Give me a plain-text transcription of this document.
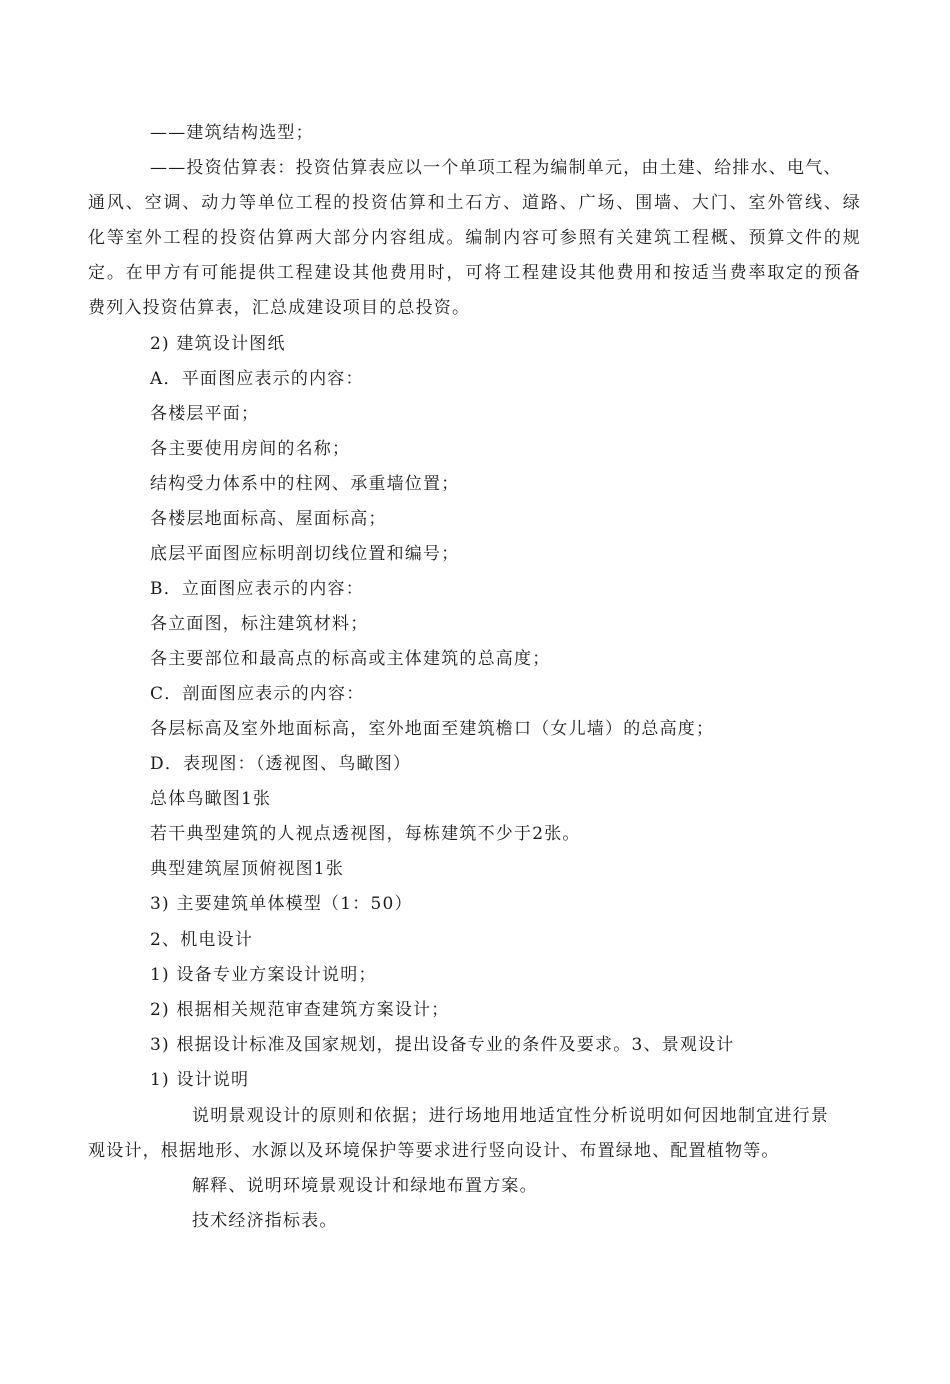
——建筑结构选型；
——投资估算表：投资估算表应以一个单项工程为编制单元，由土建、给排水、电气、
通风、空调、动力等单位工程的投资估算和土石方、道路、广场、围墙、大门、室外管线、绿
化等室外工程的投资估算两大部分内容组成。编制内容可参照有关建筑工程概、预算文件的规
定。在甲方有可能提供工程建设其他费用时，可将工程建设其他费用和按适当费率取定的预备
费列入投资估算表，汇总成建设项目的总投资。
2) 建筑设计图纸
A．平面图应表示的内容：
各楼层平面；
各主要使用房间的名称；
结构受力体系中的柱网、承重墙位置；
各楼层地面标高、屋面标高；
底层平面图应标明剖切线位置和编号；
B．立面图应表示的内容：
各立面图，标注建筑材料；
各主要部位和最高点的标高或主体建筑的总高度；
C．剖面图应表示的内容：
各层标高及室外地面标高，室外地面至建筑檐口（女儿墙）的总高度；
D．表现图：（透视图、鸟瞰图）
总体鸟瞰图1张
若干典型建筑的人视点透视图，每栋建筑不少于2张。
典型建筑屋顶俯视图1张
3) 主要建筑单体模型（1：50）
2、机电设计
1) 设备专业方案设计说明；
2) 根据相关规范审查建筑方案设计；
3) 根据设计标准及国家规划，提出设备专业的条件及要求。3、景观设计
1) 设计说明
说明景观设计的原则和依据；进行场地用地适宜性分析说明如何因地制宜进行景
观设计，根据地形、水源以及环境保护等要求进行竖向设计、布置绿地、配置植物等。
解释、说明环境景观设计和绿地布置方案。
技术经济指标表。
